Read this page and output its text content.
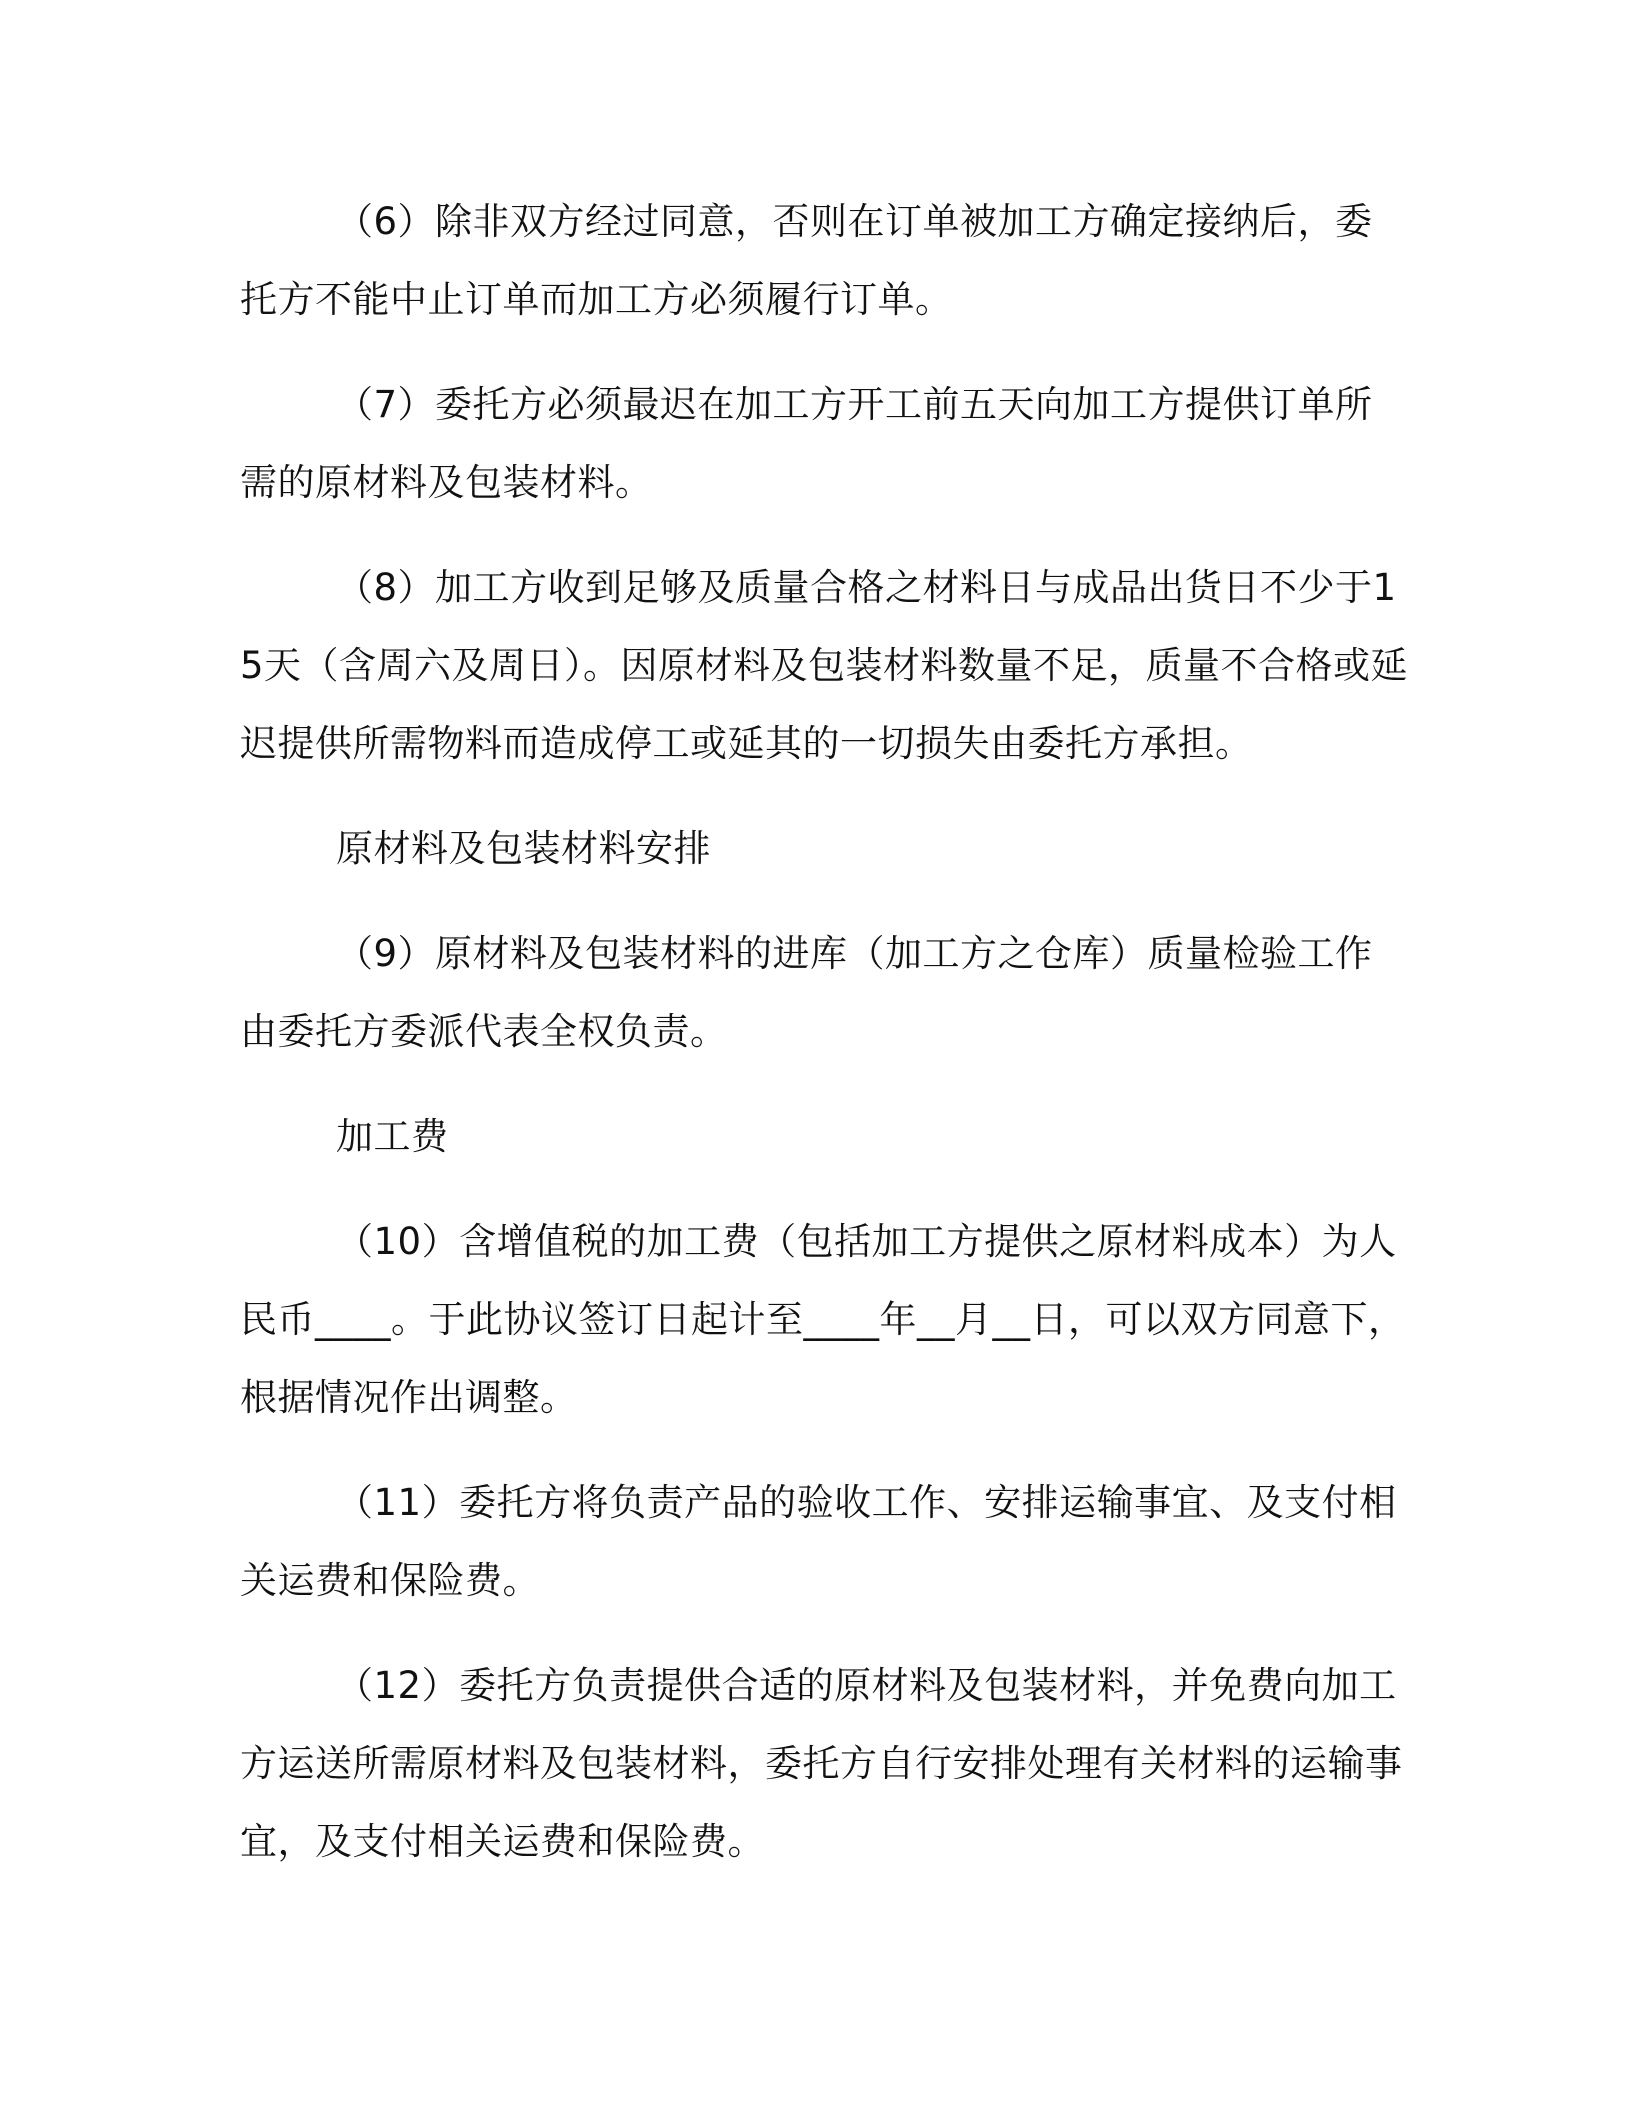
（6）除非双方经过同意，否则在订单被加工方确定接纳后，委托方不能中止订单而加工方必须履行订单。

（7）委托方必须最迟在加工方开工前五天向加工方提供订单所需的原材料及包装材料。

（8）加工方收到足够及质量合格之材料日与成品出货日不少于15天（含周六及周日）。因原材料及包装材料数量不足，质量不合格或延迟提供所需物料而造成停工或延其的一切损失由委托方承担。

原材料及包装材料安排

（9）原材料及包装材料的进库（加工方之仓库）质量检验工作由委托方委派代表全权负责。

加工费

（10）含增值税的加工费（包括加工方提供之原材料成本）为人民币____。于此协议签订日起计至____年__月__日，可以双方同意下，根据情况作出调整。

（11）委托方将负责产品的验收工作、安排运输事宜、及支付相关运费和保险费。

（12）委托方负责提供合适的原材料及包装材料，并免费向加工方运送所需原材料及包装材料，委托方自行安排处理有关材料的运输事宜，及支付相关运费和保险费。
